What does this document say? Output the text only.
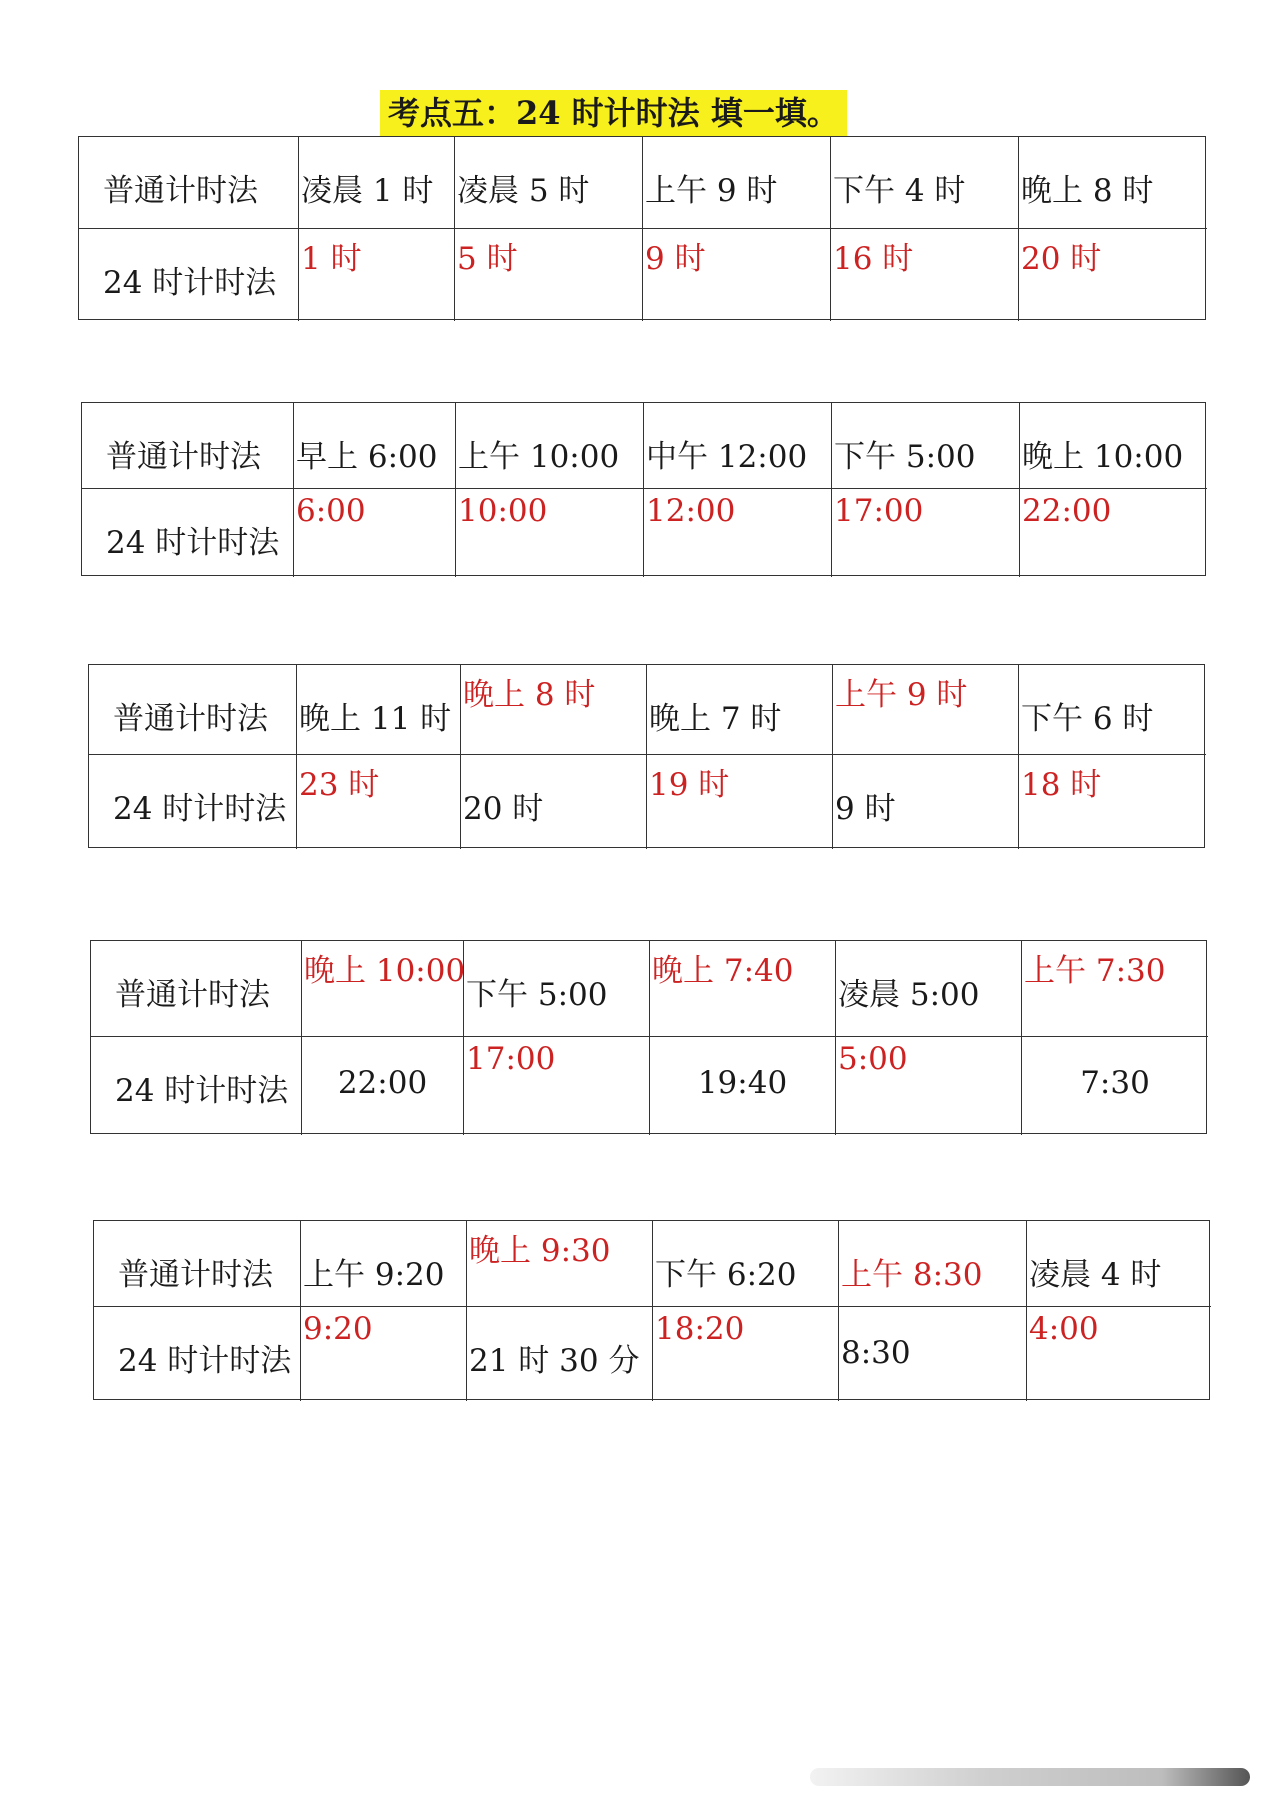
考点五：24 时计时法 填一填。
普通计时法
24 时计时法
凌晨 1 时
1 时
凌晨 5 时
5 时
上午 9 时
9 时
下午 4 时
16 时
晚上 8 时
20 时
普通计时法
24 时计时法
早上 6:00
6:00
上午 10:00
10:00
中午 12:00
12:00
下午 5:00
17:00
晚上 10:00
22:00
普通计时法
24 时计时法
晚上 11 时
23 时
晚上 8 时
20 时
晚上 7 时
19 时
上午 9 时
9 时
下午 6 时
18 时
普通计时法
24 时计时法
晚上 10:00
22:00
下午 5:00
17:00
晚上 7:40
19:40
凌晨 5:00
5:00
上午 7:30
7:30
普通计时法
24 时计时法
上午 9:20
9:20
晚上 9:30
21 时 30 分
下午 6:20
18:20
上午 8:30
8:30
凌晨 4 时
4:00
